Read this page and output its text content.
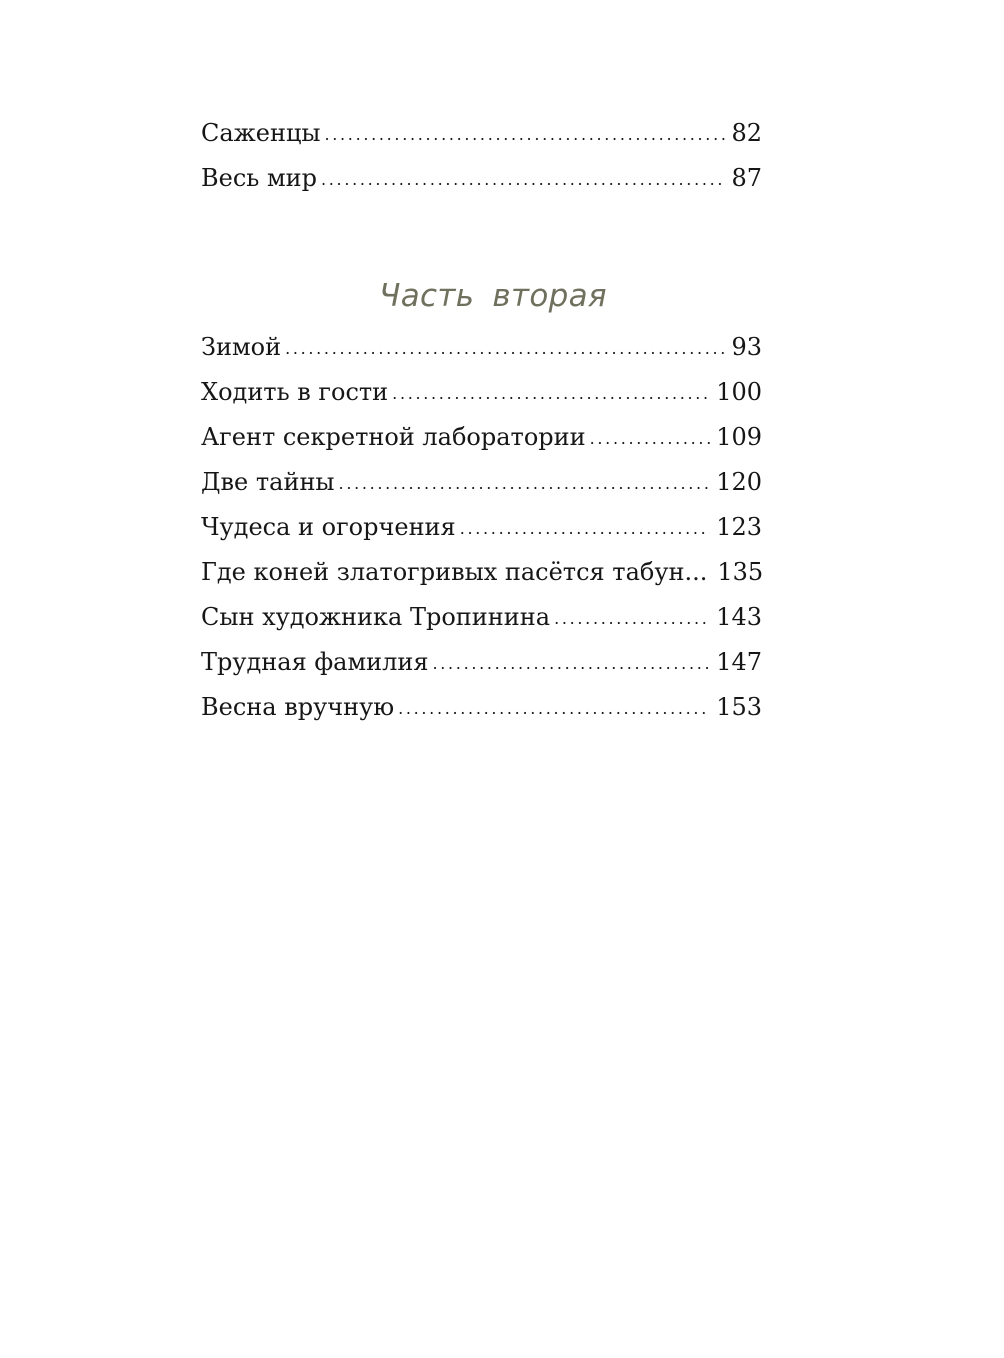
Саженцы . . .	82
Весь мир . . .	87
Часть вторая
Зимой . . .	93
Ходить в гости . . .	100
Агент секретной лаборатории . . .	109
Две тайны . . .	120
Чудеса и огорчения . . .	123
Где коней златогривых пасётся табун... 135
Сын художника Тропинина . . .	143
Трудная фамилия . . .	147
Весна вручную . . .	153
